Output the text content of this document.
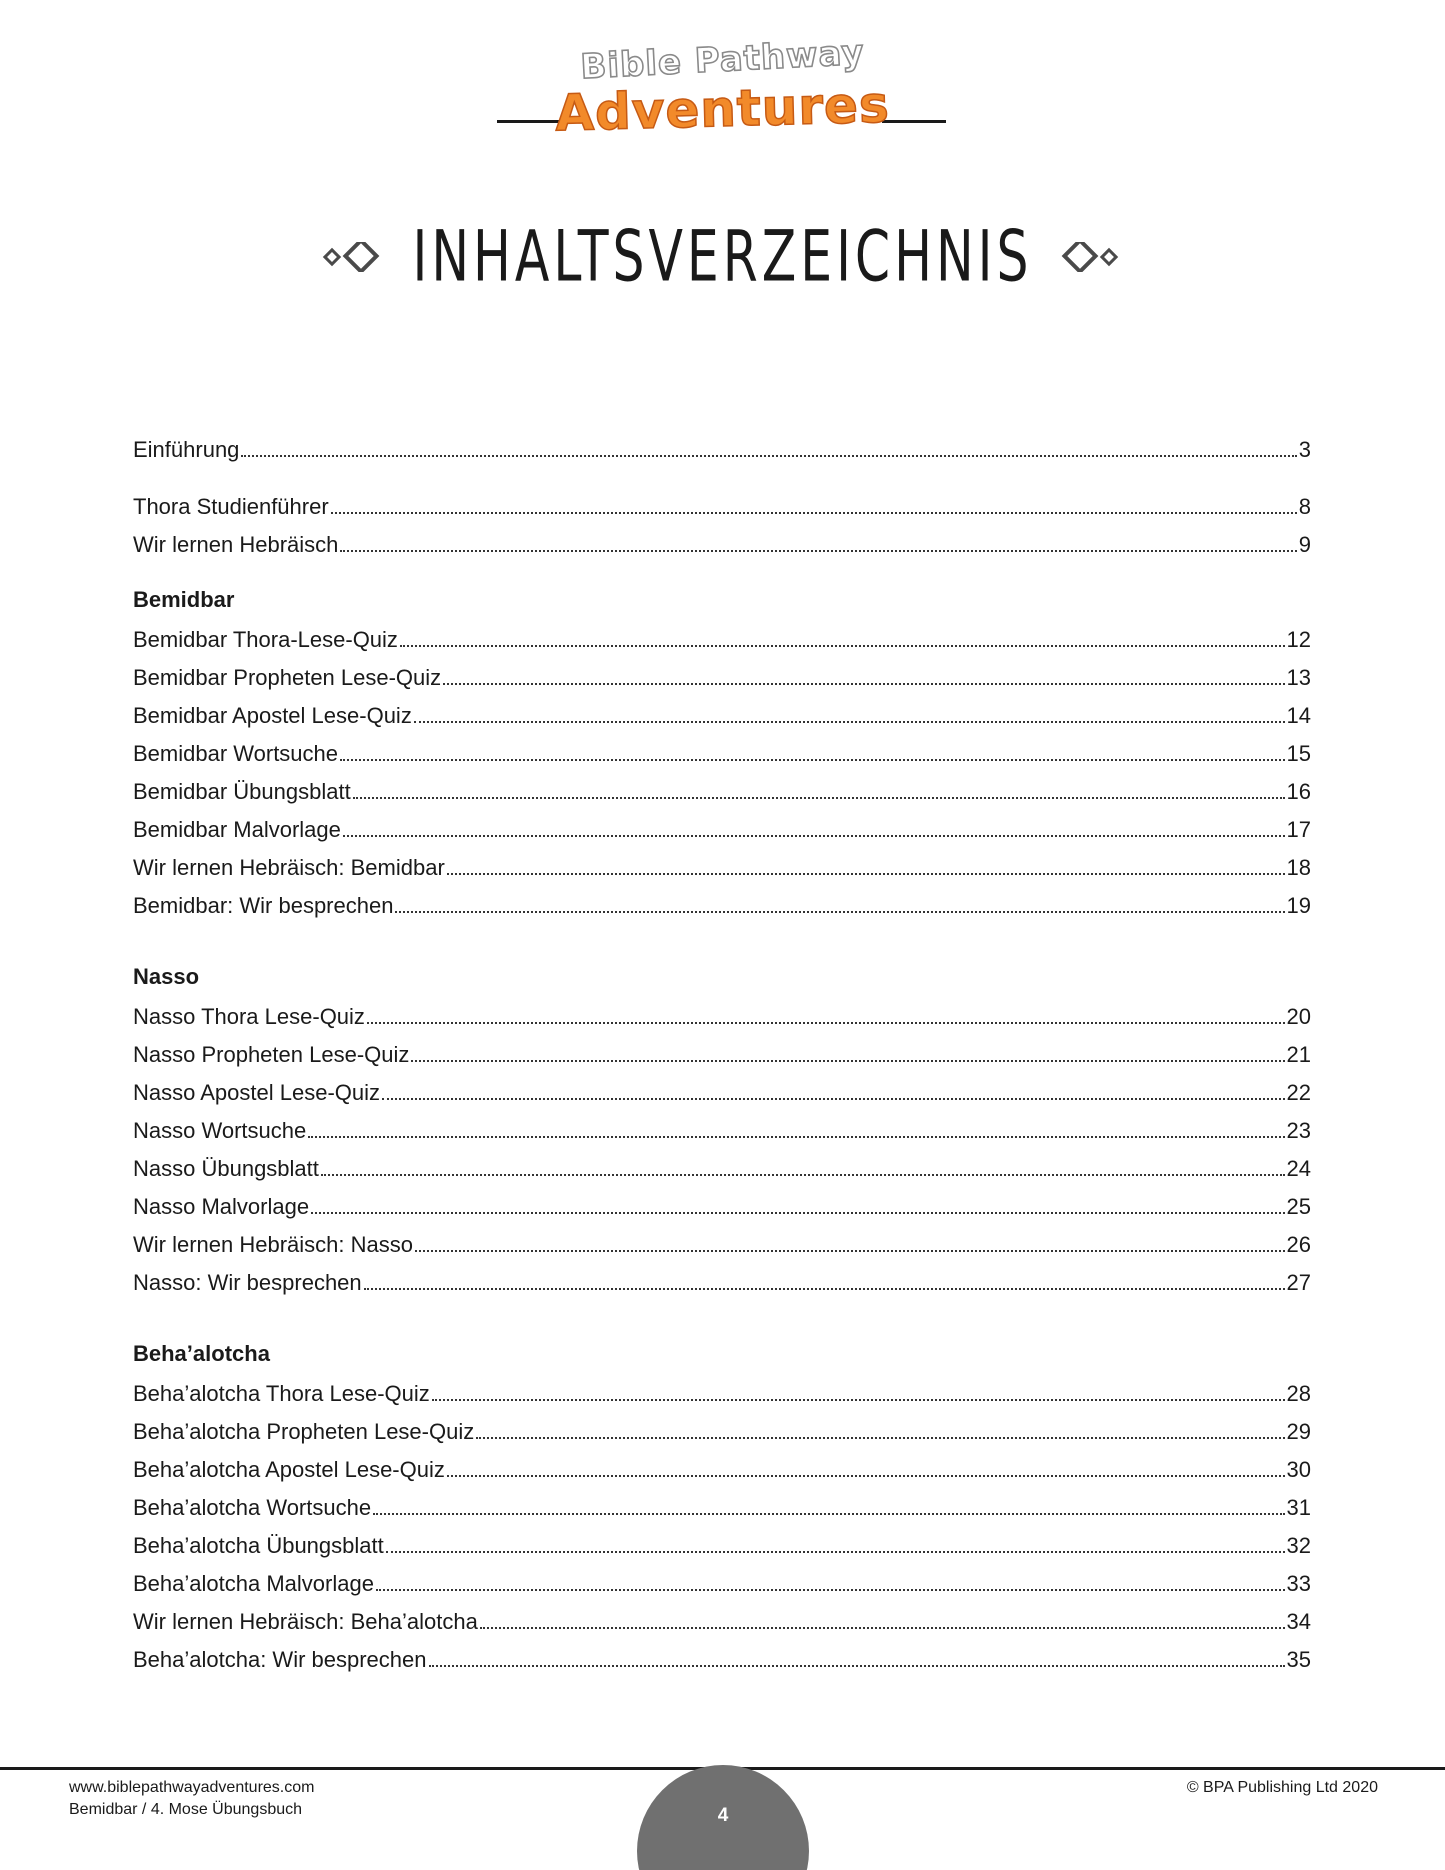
Bible Pathway
Adventures
INHALTSVERZEICHNIS
Einführung	3
Thora Studienführer	8
Wir lernen Hebräisch	9
Bemidbar
Bemidbar Thora-Lese-Quiz	12
Bemidbar Propheten Lese-Quiz	13
Bemidbar Apostel Lese-Quiz	14
Bemidbar Wortsuche	15
Bemidbar Übungsblatt	16
Bemidbar Malvorlage	17
Wir lernen Hebräisch: Bemidbar	18
Bemidbar: Wir besprechen	19
Nasso
Nasso Thora Lese-Quiz	20
Nasso Propheten Lese-Quiz	21
Nasso Apostel Lese-Quiz	22
Nasso Wortsuche	23
Nasso Übungsblatt	24
Nasso Malvorlage	25
Wir lernen Hebräisch: Nasso	26
Nasso: Wir besprechen	27
Beha’alotcha
Beha’alotcha Thora Lese-Quiz	28
Beha’alotcha Propheten Lese-Quiz	29
Beha’alotcha Apostel Lese-Quiz	30
Beha’alotcha Wortsuche	31
Beha’alotcha Übungsblatt	32
Beha’alotcha Malvorlage	33
Wir lernen Hebräisch: Beha’alotcha	34
Beha’alotcha: Wir besprechen	35
www.biblepathwayadventures.com
Bemidbar / 4. Mose Übungsbuch
© BPA Publishing Ltd 2020
4
